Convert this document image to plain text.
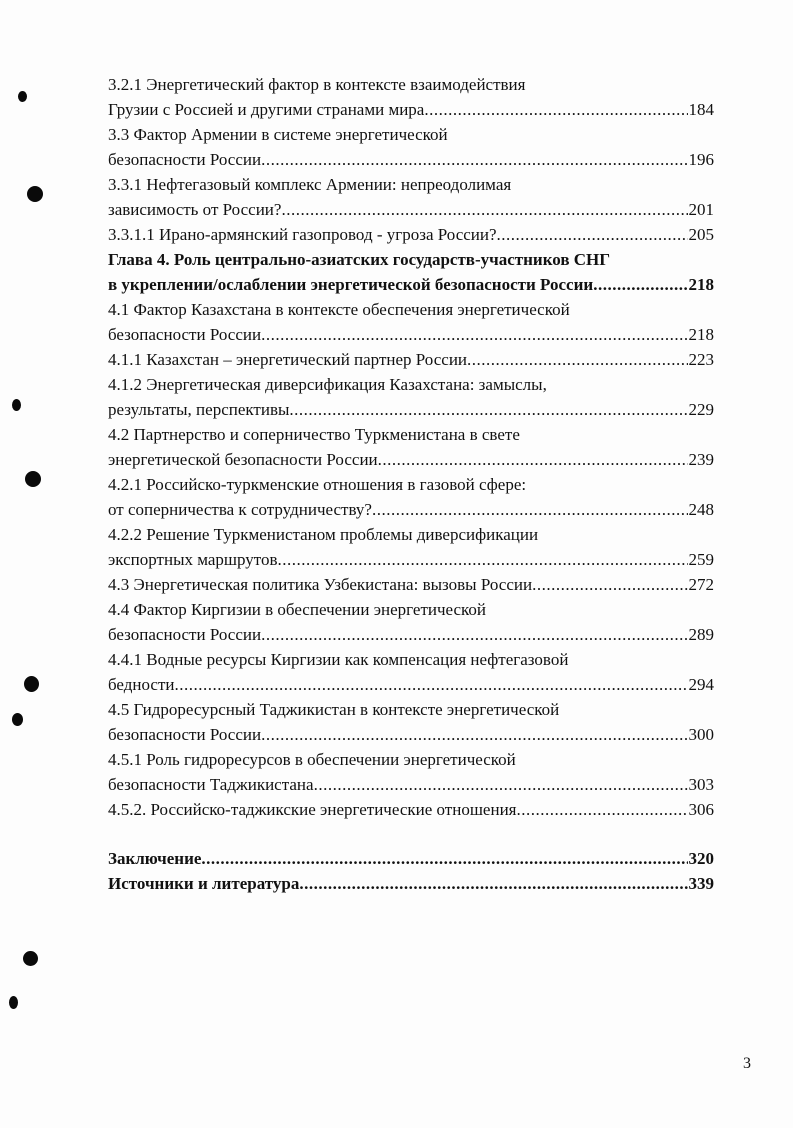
3.2.1 Энергетический фактор в контексте взаимодействия
Грузии с Россией и другими странами мира .....	184
3.3 Фактор Армении в системе энергетической
безопасности России .....	196
3.3.1 Нефтегазовый комплекс Армении: непреодолимая
зависимость от России? .....	201
3.3.1.1 Ирано-армянский газопровод - угроза России? .....	205
Глава 4. Роль центрально-азиатских государств-участников СНГ
в укреплении/ослаблении энергетической безопасности России .....	218
4.1 Фактор Казахстана в контексте обеспечения энергетической
безопасности России .....	218
4.1.1 Казахстан – энергетический партнер России .....	223
4.1.2 Энергетическая диверсификация Казахстана: замыслы,
результаты, перспективы .....	229
4.2 Партнерство и соперничество Туркменистана в свете
энергетической безопасности России .....	239
4.2.1 Российско-туркменские отношения в газовой сфере:
от соперничества к сотрудничеству? .....	248
4.2.2 Решение Туркменистаном проблемы диверсификации
экспортных маршрутов .....	259
4.3 Энергетическая политика Узбекистана: вызовы России .....	272
4.4 Фактор Киргизии в обеспечении энергетической
безопасности России .....	289
4.4.1 Водные ресурсы Киргизии как компенсация нефтегазовой
бедности .....	294
4.5 Гидроресурсный Таджикистан в контексте энергетической
безопасности России .....	300
4.5.1 Роль гидроресурсов в обеспечении энергетической
безопасности Таджикистана .....	303
4.5.2. Российско-таджикские энергетические отношения .....	306
Заключение .....	320
Источники и литература .....	339
3
